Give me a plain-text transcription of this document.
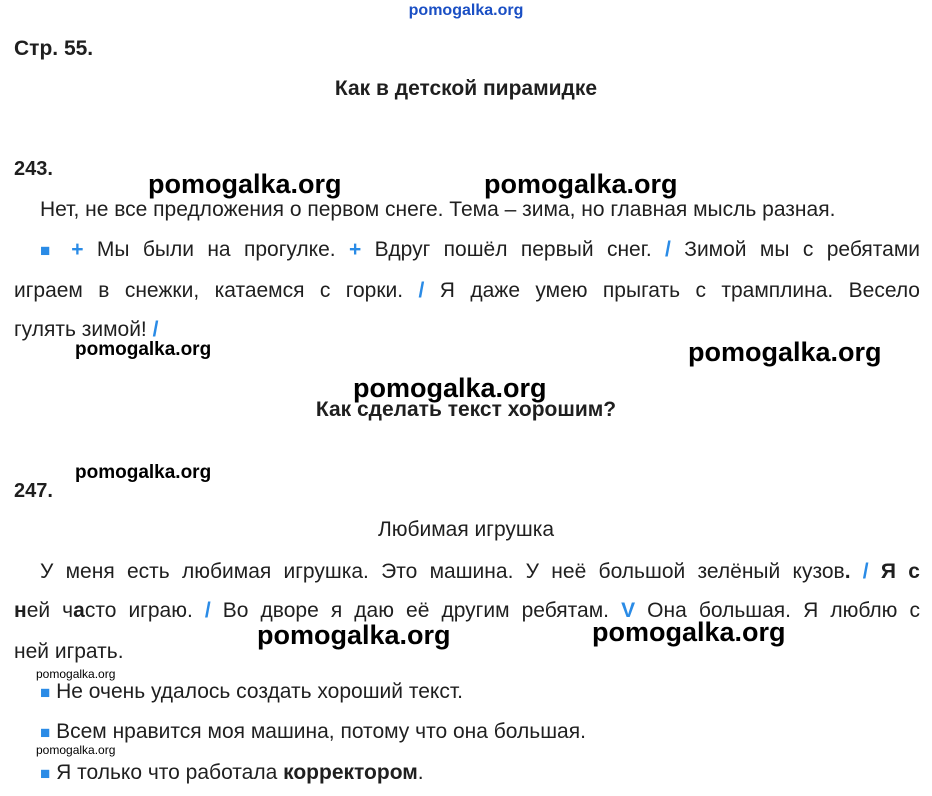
pomogalka.org
Стр. 55.
Как в детской пирамидке
243.
Нет, не все предложения о первом снеге. Тема – зима, но главная мысль разная.
■ + Мы были на прогулке. + Вдруг пошёл первый снег. / Зимой мы с ребятами
играем в снежки, катаемся с горки. / Я даже умею прыгать с трамплина. Весело
гулять зимой! /
Как сделать текст хорошим?
247.
Любимая игрушка
У меня есть любимая игрушка. Это машина. У неё большой зелёный кузов. / Я с
ней часто играю. / Во дворе я даю её другим ребятам. V Она большая. Я люблю с
ней играть.
■ Не очень удалось создать хороший текст.
■ Всем нравится моя машина, потому что она большая.
■ Я только что работала корректором.
pomogalka.org	pomogalka.org
pomogalka.org	pomogalka.org
pomogalka.org
pomogalka.org
pomogalka.org	pomogalka.org
pomogalka.org
pomogalka.org
